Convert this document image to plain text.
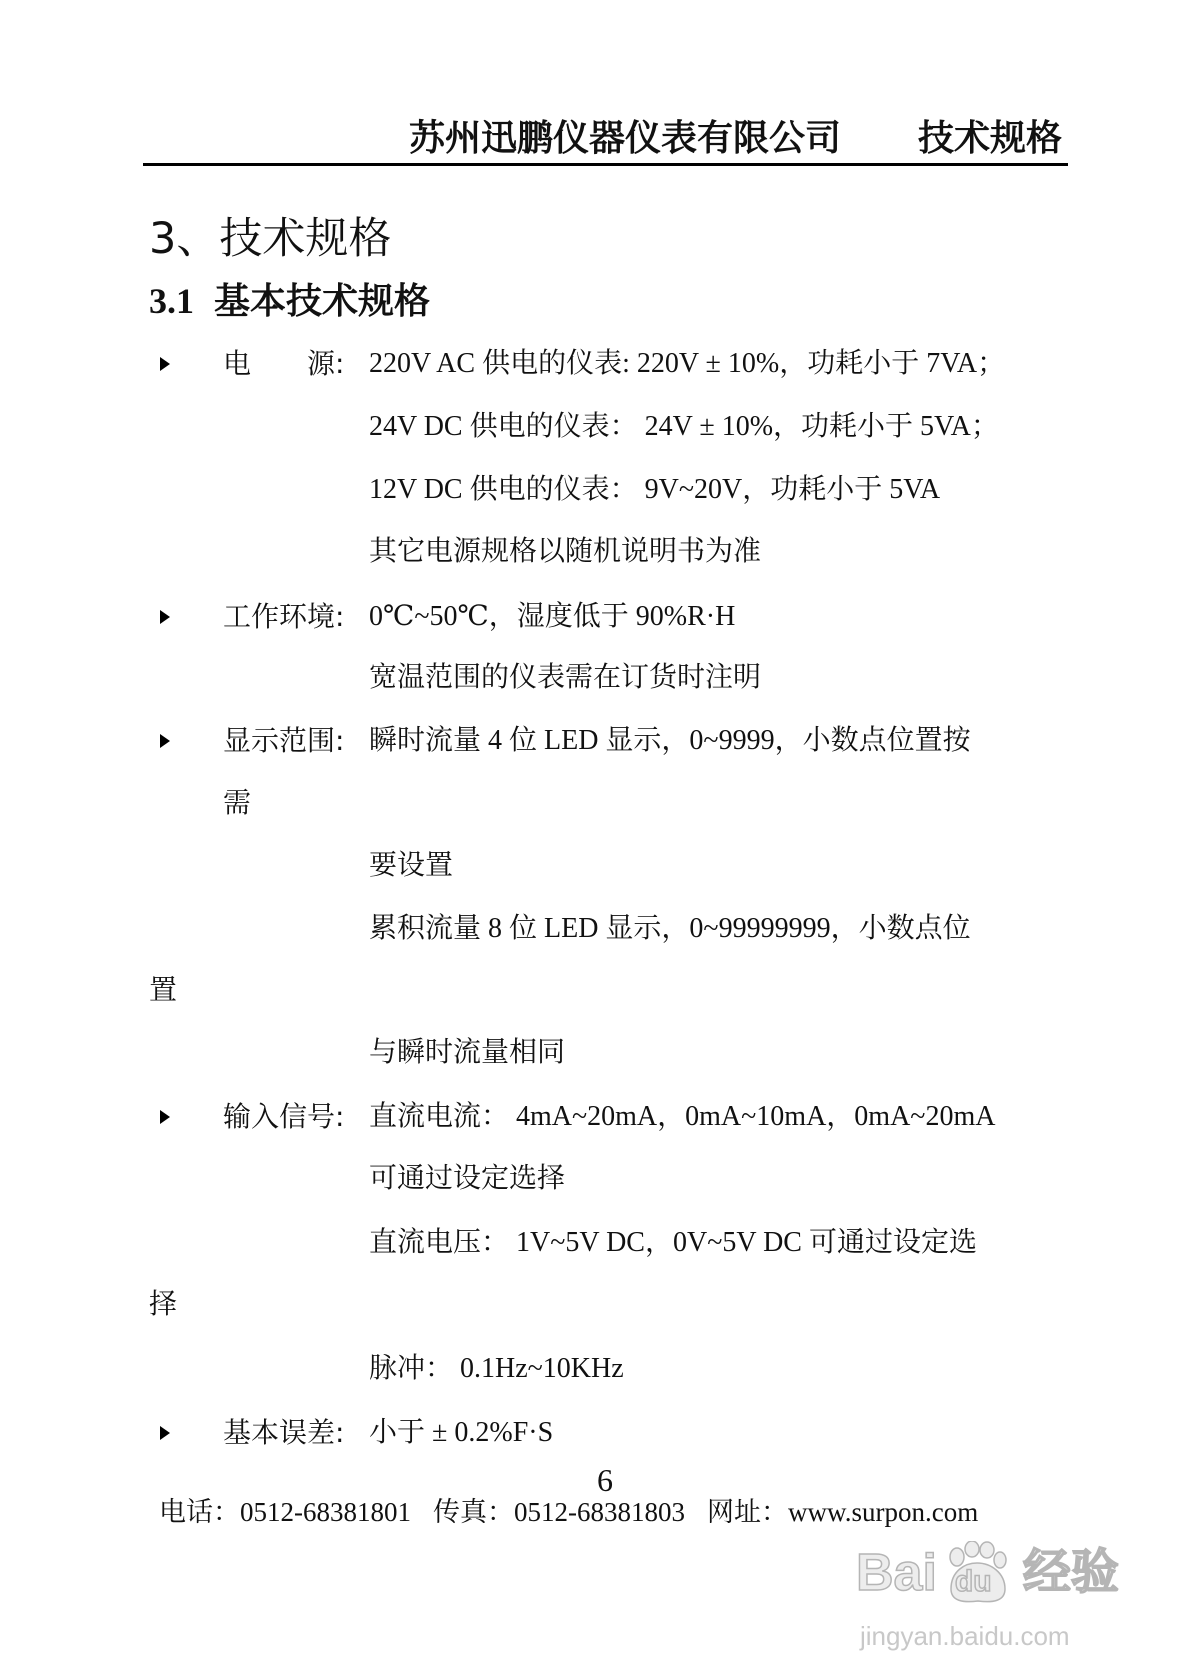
苏州迅鹏仪器仪表有限公司 技术规格
3、技术规格
3.1 基本技术规格
电　　源: 220V AC 供电的仪表: 220V ± 10%，功耗小于 7VA；
24V DC 供电的仪表： 24V ± 10%，功耗小于 5VA；
12V DC 供电的仪表： 9V~20V，功耗小于 5VA
其它电源规格以随机说明书为准
工作环境: 0℃~50℃，湿度低于 90%R·H
宽温范围的仪表需在订货时注明
显示范围: 瞬时流量 4 位 LED 显示，0~9999，小数点位置按
需
要设置
累积流量 8 位 LED 显示，0~99999999，小数点位
置
与瞬时流量相同
输入信号: 直流电流： 4mA~20mA，0mA~10mA，0mA~20mA
可通过设定选择
直流电压： 1V~5V DC，0V~5V DC 可通过设定选
择
脉冲： 0.1Hz~10KHz
基本误差: 小于 ± 0.2%F·S
6
电话：0512-68381801 传真：0512-68381803 网址：www.surpon.com
Bai du 经验
jingyan.baidu.com
